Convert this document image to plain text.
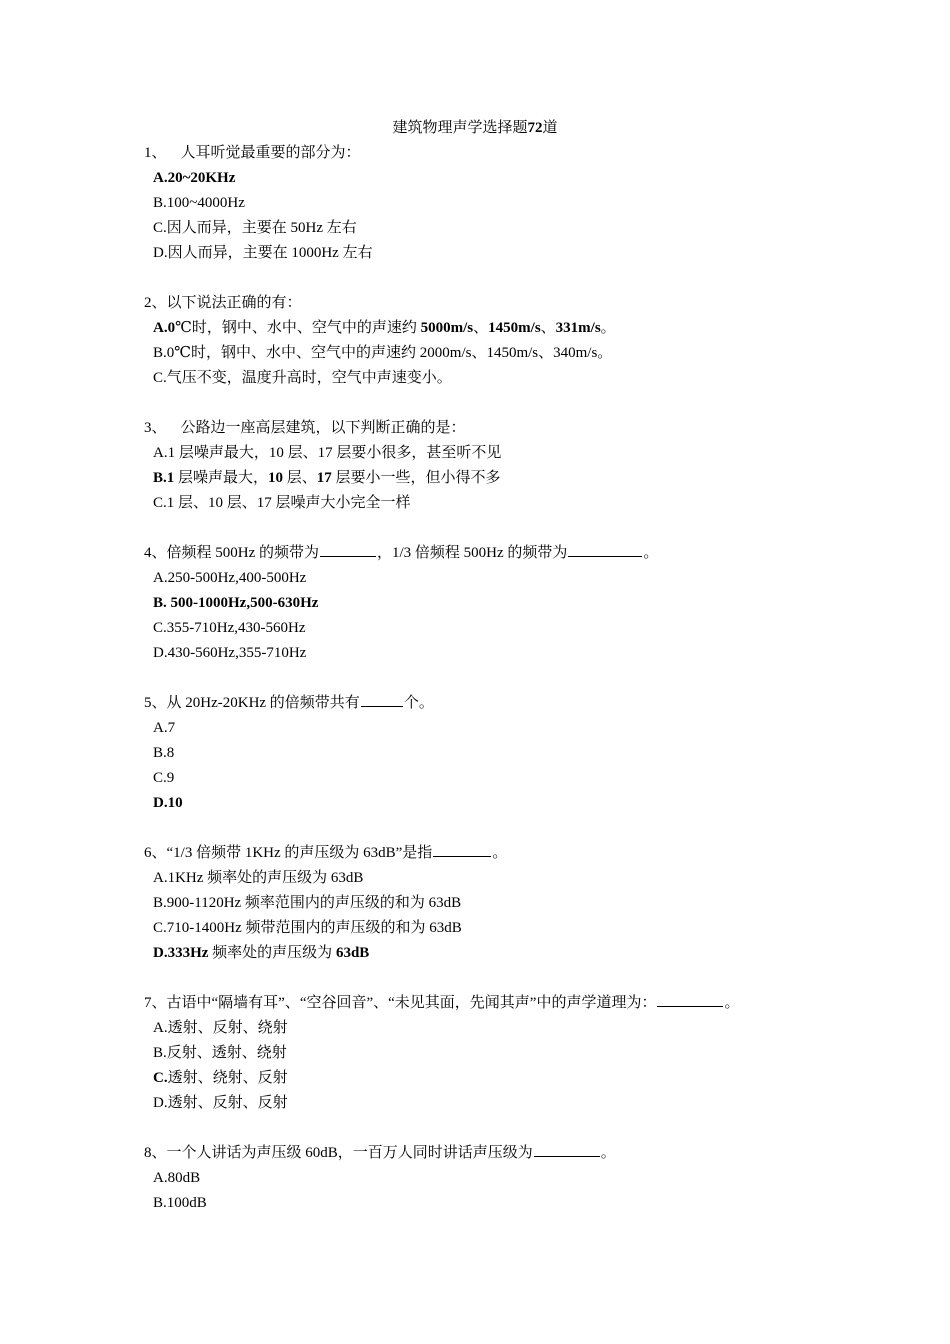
建筑物理声学选择题72道
1、 人耳听觉最重要的部分为：
A.20~20KHz
B.100~4000Hz
C.因人而异，主要在 50Hz 左右
D.因人而异，主要在 1000Hz 左右
2、以下说法正确的有：
A.0℃时，钢中、水中、空气中的声速约 5000m/s、1450m/s、331m/s。
B.0℃时，钢中、水中、空气中的声速约 2000m/s、1450m/s、340m/s。
C.气压不变，温度升高时，空气中声速变小。
3、 公路边一座高层建筑，以下判断正确的是：
A.1 层噪声最大，10 层、17 层要小很多，甚至听不见
B.1 层噪声最大，10 层、17 层要小一些，但小得不多
C.1 层、10 层、17 层噪声大小完全一样
4、倍频程 500Hz 的频带为	，1/3 倍频程 500Hz 的频带为	。
A.250-500Hz,400-500Hz
B. 500-1000Hz,500-630Hz
C.355-710Hz,430-560Hz
D.430-560Hz,355-710Hz
5、从 20Hz-20KHz 的倍频带共有	个。
A.7
B.8
C.9
D.10
6、“1/3 倍频带 1KHz 的声压级为 63dB”是指	。
A.1KHz 频率处的声压级为 63dB
B.900-1120Hz 频率范围内的声压级的和为 63dB
C.710-1400Hz 频带范围内的声压级的和为 63dB
D.333Hz 频率处的声压级为 63dB
7、古语中“隔墙有耳”、“空谷回音”、“未见其面，先闻其声”中的声学道理为：	。
A.透射、反射、绕射
B.反射、透射、绕射
C.透射、绕射、反射
D.透射、反射、反射
8、一个人讲话为声压级 60dB，一百万人同时讲话声压级为	。
A.80dB
B.100dB
